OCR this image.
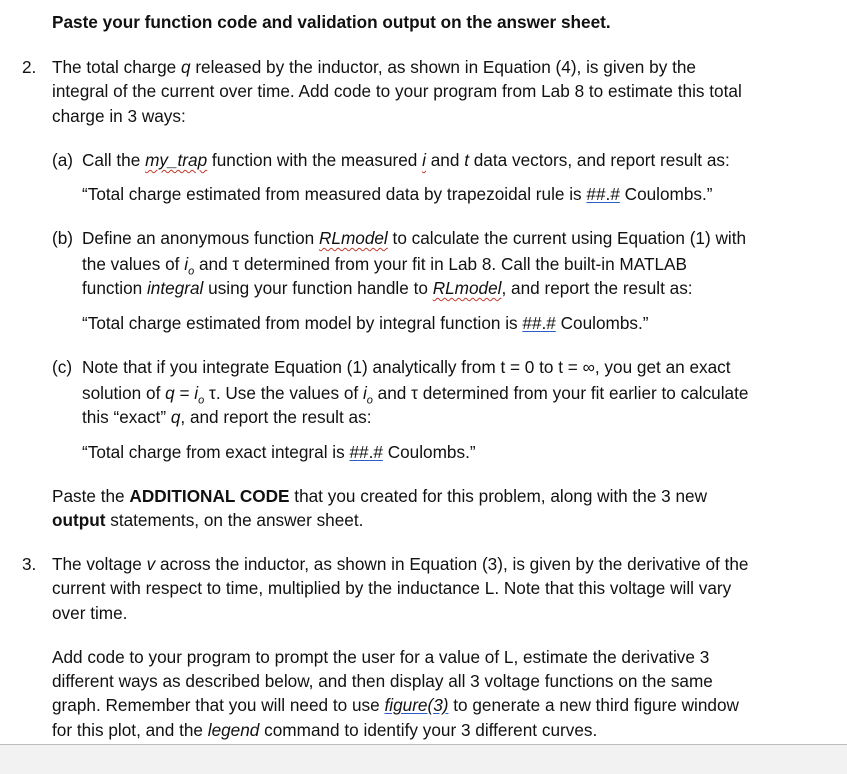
Paste your function code and validation output on the answer sheet.
2. The total charge q released by the inductor, as shown in Equation (4), is given by the
integral of the current over time. Add code to your program from Lab 8 to estimate this total
charge in 3 ways:
(a) Call the my_trap function with the measured i and t data vectors, and report result as:
“Total charge estimated from measured data by trapezoidal rule is ##.# Coulombs.”
(b) Define an anonymous function RLmodel to calculate the current using Equation (1) with
the values of $i_o$ and τ determined from your fit in Lab 8. Call the built-in MATLAB
function integral using your function handle to RLmodel, and report the result as:
“Total charge estimated from model by integral function is ##.# Coulombs.”
(c) Note that if you integrate Equation (1) analytically from t = 0 to t = ∞, you get an exact
solution of $q = i_o$ τ. Use the values of $i_o$ and τ determined from your fit earlier to calculate
this “exact” q, and report the result as:
“Total charge from exact integral is ##.# Coulombs.”
Paste the ADDITIONAL CODE that you created for this problem, along with the 3 new
output statements, on the answer sheet.
3. The voltage v across the inductor, as shown in Equation (3), is given by the derivative of the
current with respect to time, multiplied by the inductance L. Note that this voltage will vary
over time.
Add code to your program to prompt the user for a value of L, estimate the derivative 3
different ways as described below, and then display all 3 voltage functions on the same
graph. Remember that you will need to use figure(3) to generate a new third figure window
for this plot, and the legend command to identify your 3 different curves.
